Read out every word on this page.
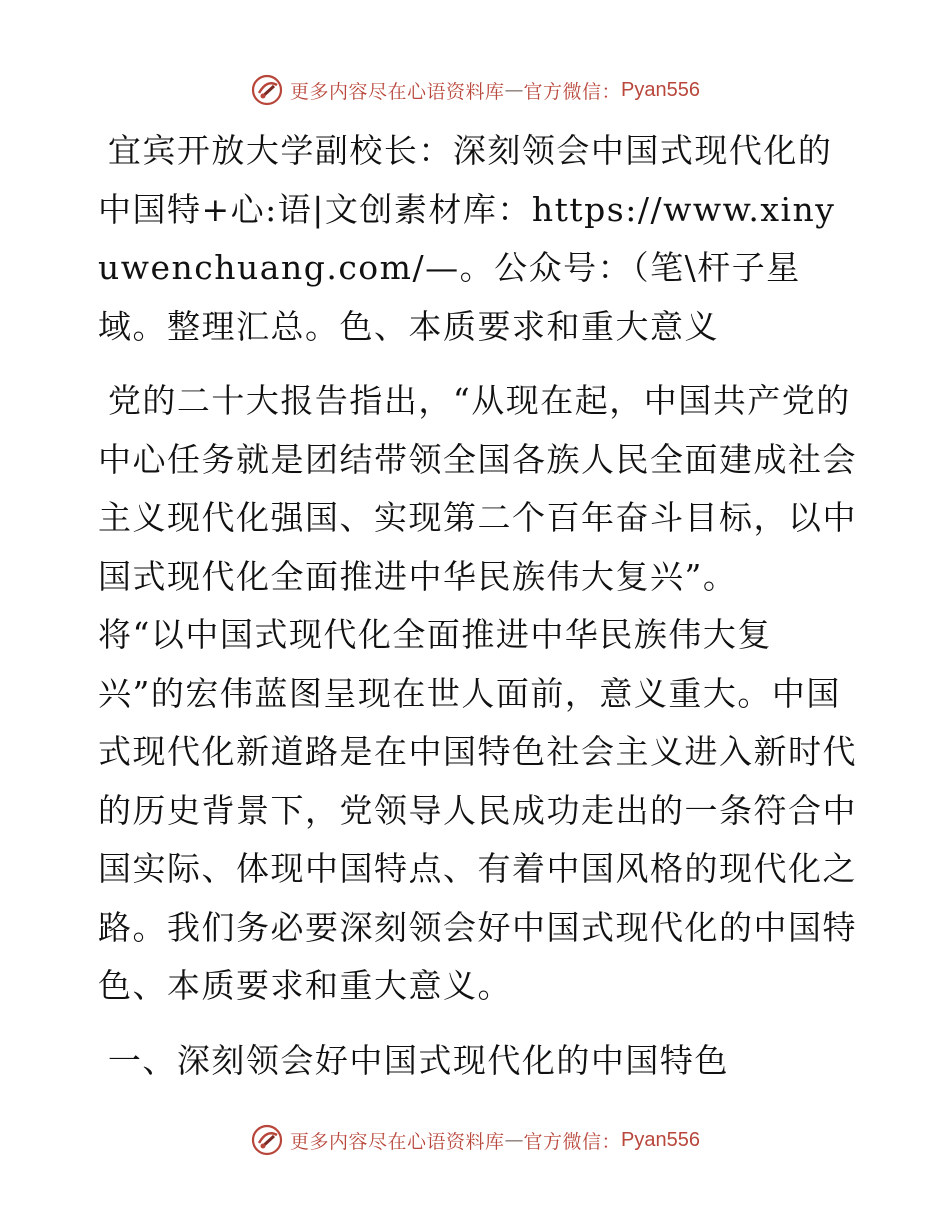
更多内容尽在心语资料库 — 官方微信： Pyan556

宜宾开放大学副校长：深刻领会中国式现代化的中国特+心:语|文创素材库：https://www.xinyuwenchuang.com/—。公众号：（笔\杆子星域。整理汇总。色、本质要求和重大意义

党的二十大报告指出，“从现在起，中国共产党的中心任务就是团结带领全国各族人民全面建成社会主义现代化强国、实现第二个百年奋斗目标，以中国式现代化全面推进中华民族伟大复兴”。

将“以中国式现代化全面推进中华民族伟大复兴”的宏伟蓝图呈现在世人面前，意义重大。中国式现代化新道路是在中国特色社会主义进入新时代的历史背景下，党领导人民成功走出的一条符合中国实际、体现中国特点、有着中国风格的现代化之路。我们务必要深刻领会好中国式现代化的中国特色、本质要求和重大意义。

一、深刻领会好中国式现代化的中国特色

更多内容尽在心语资料库 — 官方微信： Pyan556
